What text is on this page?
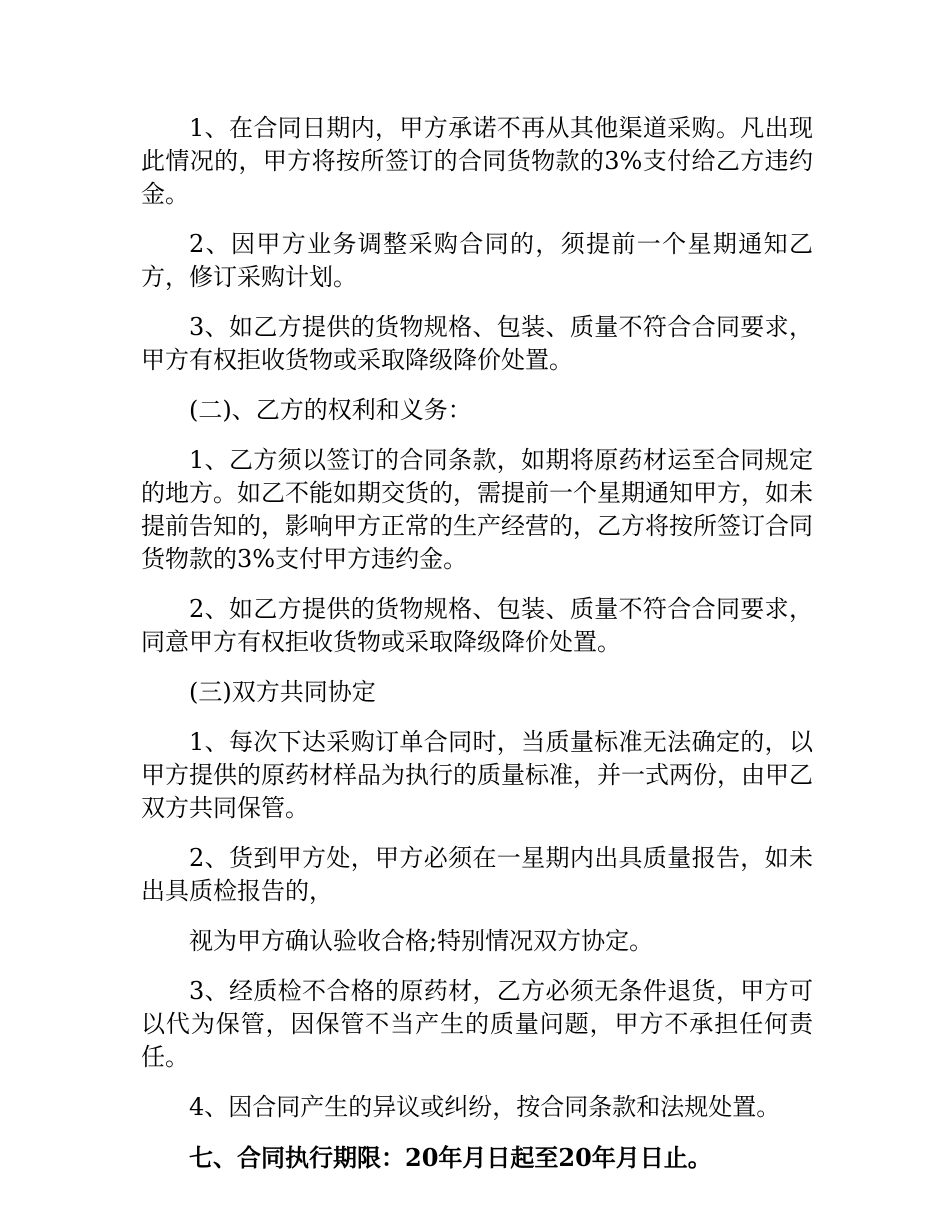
1、在合同日期内，甲方承诺不再从其他渠道采购。凡出现此情况的，甲方将按所签订的合同货物款的3%支付给乙方违约金。

2、因甲方业务调整采购合同的，须提前一个星期通知乙方，修订采购计划。

3、如乙方提供的货物规格、包装、质量不符合合同要求，甲方有权拒收货物或采取降级降价处置。

(二)、乙方的权利和义务：

1、乙方须以签订的合同条款，如期将原药材运至合同规定的地方。如乙不能如期交货的，需提前一个星期通知甲方，如未提前告知的，影响甲方正常的生产经营的，乙方将按所签订合同货物款的3%支付甲方违约金。

2、如乙方提供的货物规格、包装、质量不符合合同要求，同意甲方有权拒收货物或采取降级降价处置。

(三)双方共同协定

1、每次下达采购订单合同时，当质量标准无法确定的，以甲方提供的原药材样品为执行的质量标准，并一式两份，由甲乙双方共同保管。

2、货到甲方处，甲方必须在一星期内出具质量报告，如未出具质检报告的，

视为甲方确认验收合格;特别情况双方协定。

3、经质检不合格的原药材，乙方必须无条件退货，甲方可以代为保管，因保管不当产生的质量问题，甲方不承担任何责任。

4、因合同产生的异议或纠纷，按合同条款和法规处置。

七、合同执行期限：20年月日起至20年月日止。
